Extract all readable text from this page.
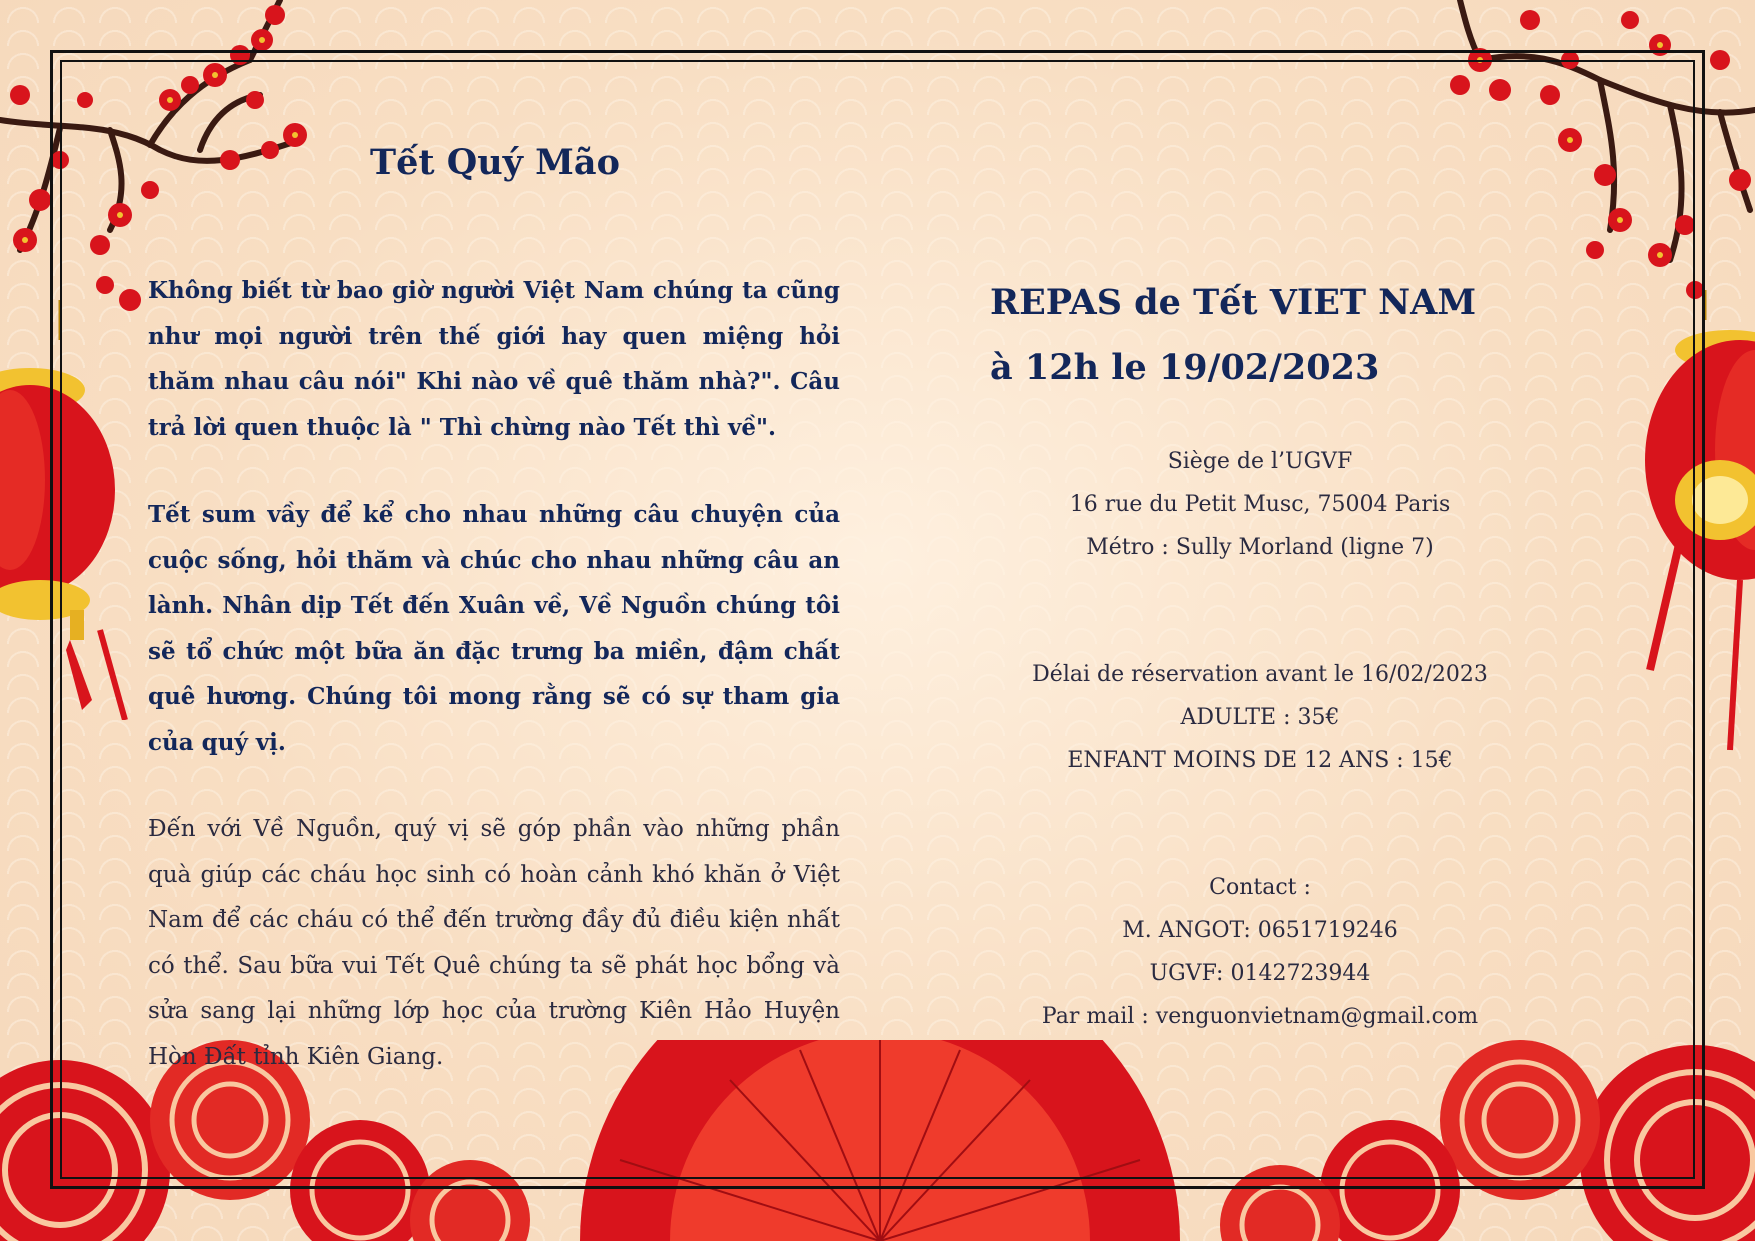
Tết Quý Mão

Không biết từ bao giờ người Việt Nam chúng ta cũng như mọi người trên thế giới hay quen miệng hỏi thăm nhau câu nói" Khi nào về quê thăm nhà?". Câu trả lời quen thuộc là " Thì chừng nào Tết thì về".

Tết sum vầy để kể cho nhau những câu chuyện của cuộc sống, hỏi thăm và chúc cho nhau những câu an lành. Nhân dịp Tết đến Xuân về, Về Nguồn chúng tôi sẽ tổ chức một bữa ăn đặc trưng ba miền, đậm chất quê hương. Chúng tôi mong rằng sẽ có sự tham gia của quý vị.

Đến với Về Nguồn, quý vị sẽ góp phần vào những phần quà giúp các cháu học sinh có hoàn cảnh khó khăn ở Việt Nam để các cháu có thể đến trường đầy đủ điều kiện nhất có thể. Sau bữa vui Tết Quê chúng ta sẽ phát học bổng và sửa sang lại những lớp học của trường Kiên Hảo Huyện Hòn Đất tỉnh Kiên Giang.

REPAS de Tết VIET NAM
à 12h le 19/02/2023
Siège de l’UGVF
16 rue du Petit Musc, 75004 Paris
Métro : Sully Morland (ligne 7)
Délai de réservation avant le 16/02/2023
ADULTE : 35€
ENFANT MOINS DE 12 ANS : 15€
Contact :
M. ANGOT: 0651719246
UGVF: 0142723944
Par mail : venguonvietnam@gmail.com
